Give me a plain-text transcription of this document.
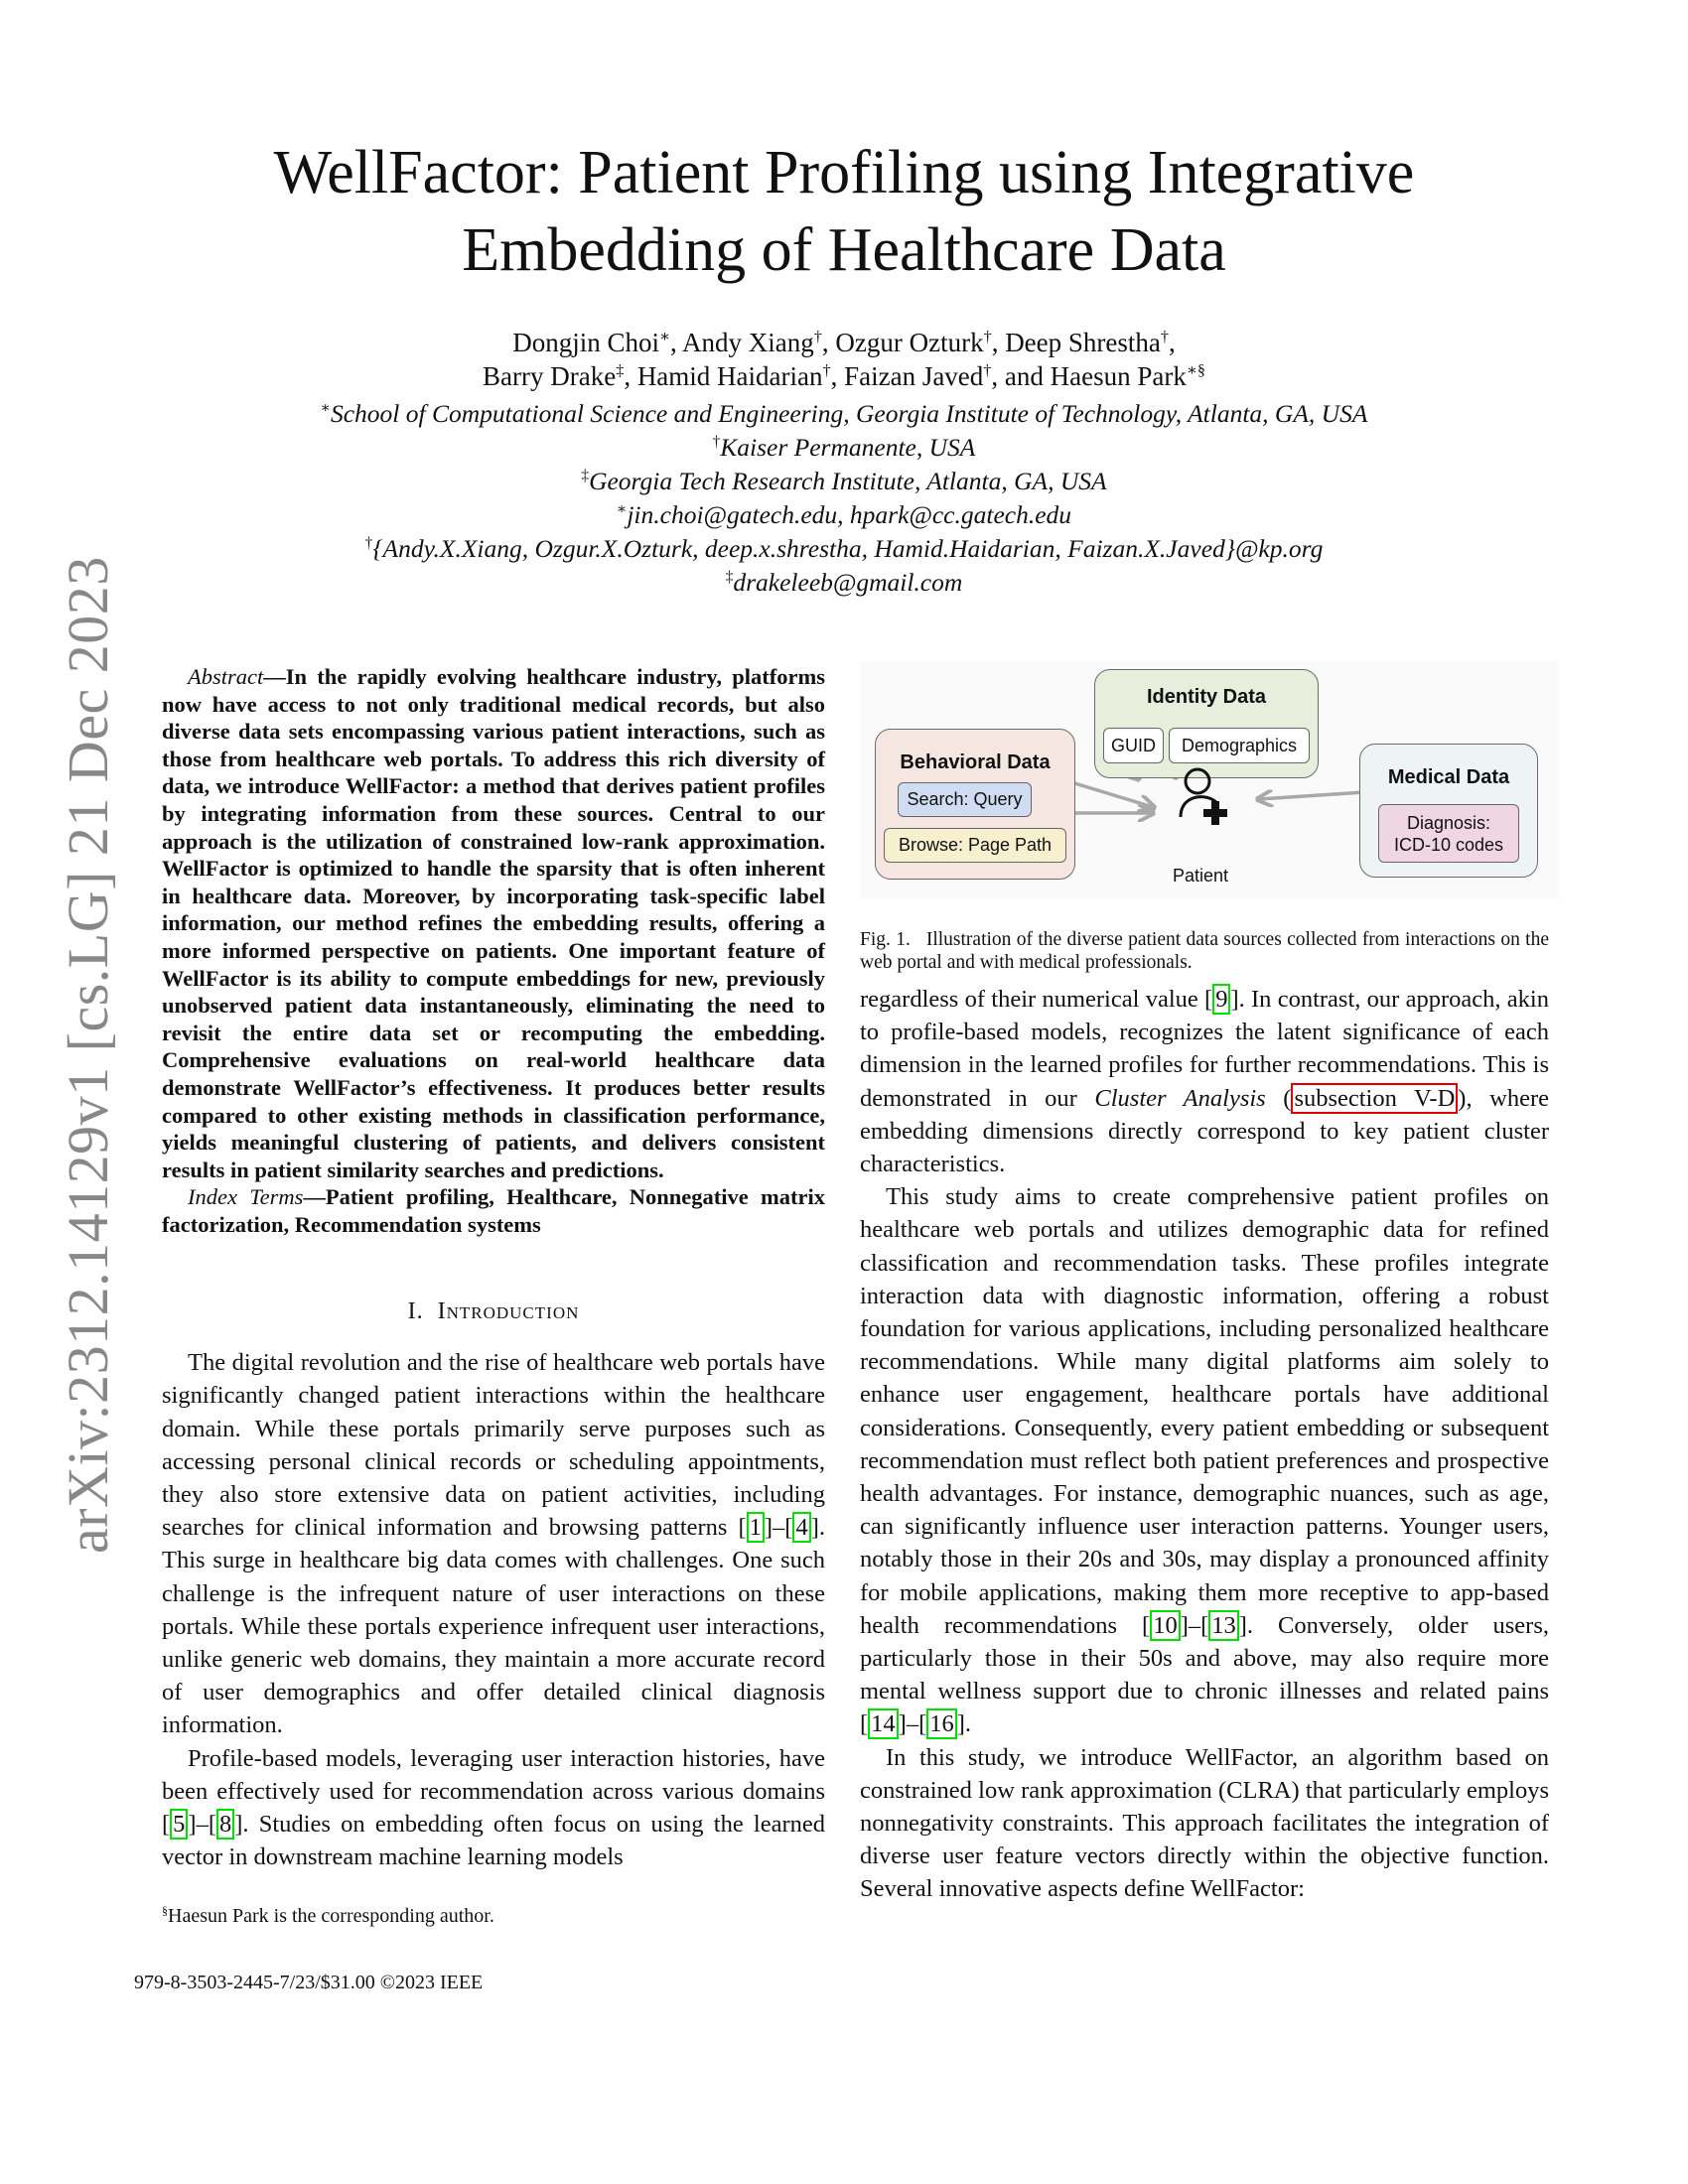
arXiv:2312.14129v1 [cs.LG] 21 Dec 2023
WellFactor: Patient Profiling using Integrative
Embedding of Healthcare Data
Dongjin Choi∗, Andy Xiang†, Ozgur Ozturk†, Deep Shrestha†,
Barry Drake‡, Hamid Haidarian†, Faizan Javed†, and Haesun Park∗§
∗School of Computational Science and Engineering, Georgia Institute of Technology, Atlanta, GA, USA
†Kaiser Permanente, USA
‡Georgia Tech Research Institute, Atlanta, GA, USA
∗jin.choi@gatech.edu, hpark@cc.gatech.edu
†{Andy.X.Xiang, Ozgur.X.Ozturk, deep.x.shrestha, Hamid.Haidarian, Faizan.X.Javed}@kp.org
‡drakeleeb@gmail.com

Abstract—In the rapidly evolving healthcare industry, platforms now have access to not only traditional medical records, but also diverse data sets encompassing various patient interactions, such as those from healthcare web portals. To address this rich diversity of data, we introduce WellFactor: a method that derives patient profiles by integrating information from these sources. Central to our approach is the utilization of constrained low-rank approximation. WellFactor is optimized to handle the sparsity that is often inherent in healthcare data. Moreover, by incorporating task-specific label information, our method refines the embedding results, offering a more informed perspective on patients. One important feature of WellFactor is its ability to compute embeddings for new, previously unobserved patient data instantaneously, eliminating the need to revisit the entire data set or recomputing the embedding. Comprehensive evaluations on real-world healthcare data demonstrate WellFactor’s effectiveness. It produces better results compared to other existing methods in classification performance, yields meaningful clustering of patients, and delivers consistent results in patient similarity searches and predictions.

Index Terms—Patient profiling, Healthcare, Nonnegative matrix factorization, Recommendation systems

I. Introduction

The digital revolution and the rise of healthcare web portals have significantly changed patient interactions within the healthcare domain. While these portals primarily serve purposes such as accessing personal clinical records or scheduling appointments, they also store extensive data on patient activities, including searches for clinical information and browsing patterns [ 1 ]–[ 4 ]. This surge in healthcare big data comes with challenges. One such challenge is the infrequent nature of user interactions on these portals. While these portals experience infrequent user interactions, unlike generic web domains, they maintain a more accurate record of user demographics and offer detailed clinical diagnosis information.

Profile-based models, leveraging user interaction histories, have been effectively used for recommendation across various domains [ 5 ]–[ 8 ]. Studies on embedding often focus on using the learned vector in downstream machine learning models

§Haesun Park is the corresponding author.
979-8-3503-2445-7/23/$31.00 ©2023 IEEE
Identity Data
GUID	Demographics
Behavioral Data
Search: Query
Browse: Page Path
Medical Data
Diagnosis:
ICD-10 codes
Patient
Fig. 1. Illustration of the diverse patient data sources collected from interactions on the web portal and with medical professionals.

regardless of their numerical value [ 9 ]. In contrast, our approach, akin to profile-based models, recognizes the latent significance of each dimension in the learned profiles for further recommendations. This is demonstrated in our Cluster Analysis ( subsection V-D ), where embedding dimensions directly correspond to key patient cluster characteristics.

This study aims to create comprehensive patient profiles on healthcare web portals and utilizes demographic data for refined classification and recommendation tasks. These profiles integrate interaction data with diagnostic information, offering a robust foundation for various applications, including personalized healthcare recommendations. While many digital platforms aim solely to enhance user engagement, healthcare portals have additional considerations. Consequently, every patient embedding or subsequent recommendation must reflect both patient preferences and prospective health advantages. For instance, demographic nuances, such as age, can significantly influence user interaction patterns. Younger users, notably those in their 20s and 30s, may display a pronounced affinity for mobile applications, making them more receptive to app-based health recommendations [ 10 ]–[ 13 ]. Conversely, older users, particularly those in their 50s and above, may also require more mental wellness support due to chronic illnesses and related pains [ 14 ]–[ 16 ].

In this study, we introduce WellFactor, an algorithm based on constrained low rank approximation (CLRA) that particularly employs nonnegativity constraints. This approach facilitates the integration of diverse user feature vectors directly within the objective function. Several innovative aspects define WellFactor:
